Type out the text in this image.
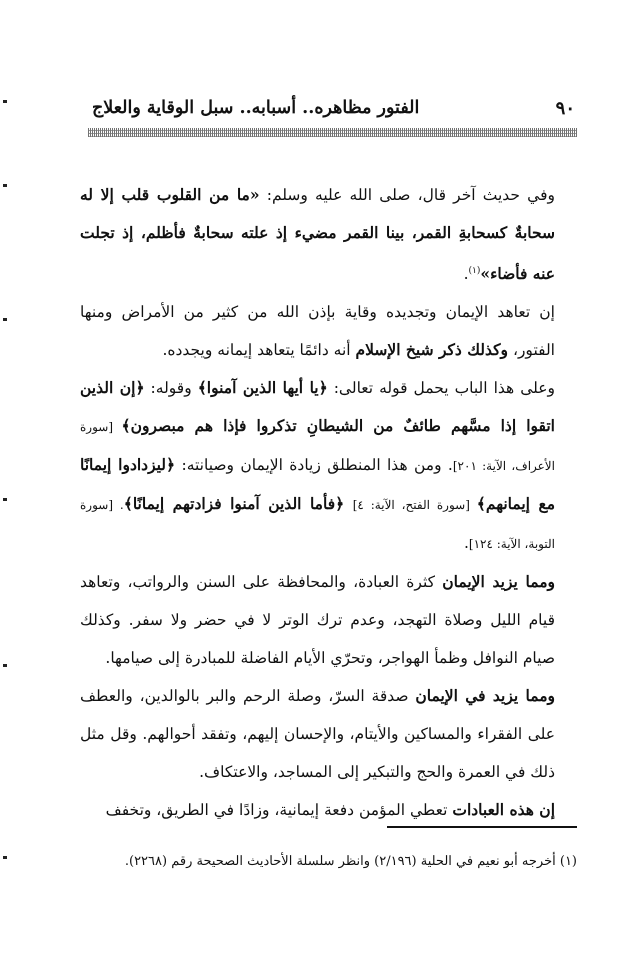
٩٠
الفتور مظاهره.. أسبابه.. سبل الوقاية والعلاج

وفي حديث آخر قال، صلى الله عليه وسلم: «ما من القلوب قلب إلا له سحابةٌ كسحابةِ القمر، بينا القمر مضيء إذ علته سحابةٌ فأظلم، إذ تجلت عنه فأضاء»$^{(١)}$.

إن تعاهد الإيمان وتجديده وقاية بإذن الله من كثير من الأمراض ومنها الفتور، وكذلك ذكر شيخ الإسلام أنه دائمًا يتعاهد إيمانه ويجدده.

وعلى هذا الباب يحمل قوله تعالى: ﴿يا أيها الذين آمنوا﴾ وقوله: ﴿إن الذين اتقوا إذا مسَّهم طائفٌ من الشيطانِ تذكروا فإذا هم مبصرون﴾ [سورة الأعراف، الآية: ٢٠١]. ومن هذا المنطلق زيادة الإيمان وصيانته: ﴿ليزدادوا إيمانًا مع إيمانهم﴾ [سورة الفتح، الآية: ٤] ﴿فأما الذين آمنوا فزادتهم إيمانًا﴾. [سورة التوبة، الآية: ١٢٤].

ومما يزيد الإيمان كثرة العبادة، والمحافظة على السنن والرواتب، وتعاهد قيام الليل وصلاة التهجد، وعدم ترك الوتر لا في حضر ولا سفر. وكذلك صيام النوافل وظمأ الهواجر، وتحرّي الأيام الفاضلة للمبادرة إلى صيامها.

ومما يزيد في الإيمان صدقة السرّ، وصلة الرحم والبر بالوالدين، والعطف على الفقراء والمساكين والأيتام، والإحسان إليهم، وتفقد أحوالهم. وقل مثل ذلك في العمرة والحج والتبكير إلى المساجد، والاعتكاف.

إن هذه العبادات تعطي المؤمن دفعة إيمانية، وزادًا في الطريق، وتخفف

(١) أخرجه أبو نعيم في الحلية (٢/١٩٦) وانظر سلسلة الأحاديث الصحيحة رقم (٢٢٦٨).
